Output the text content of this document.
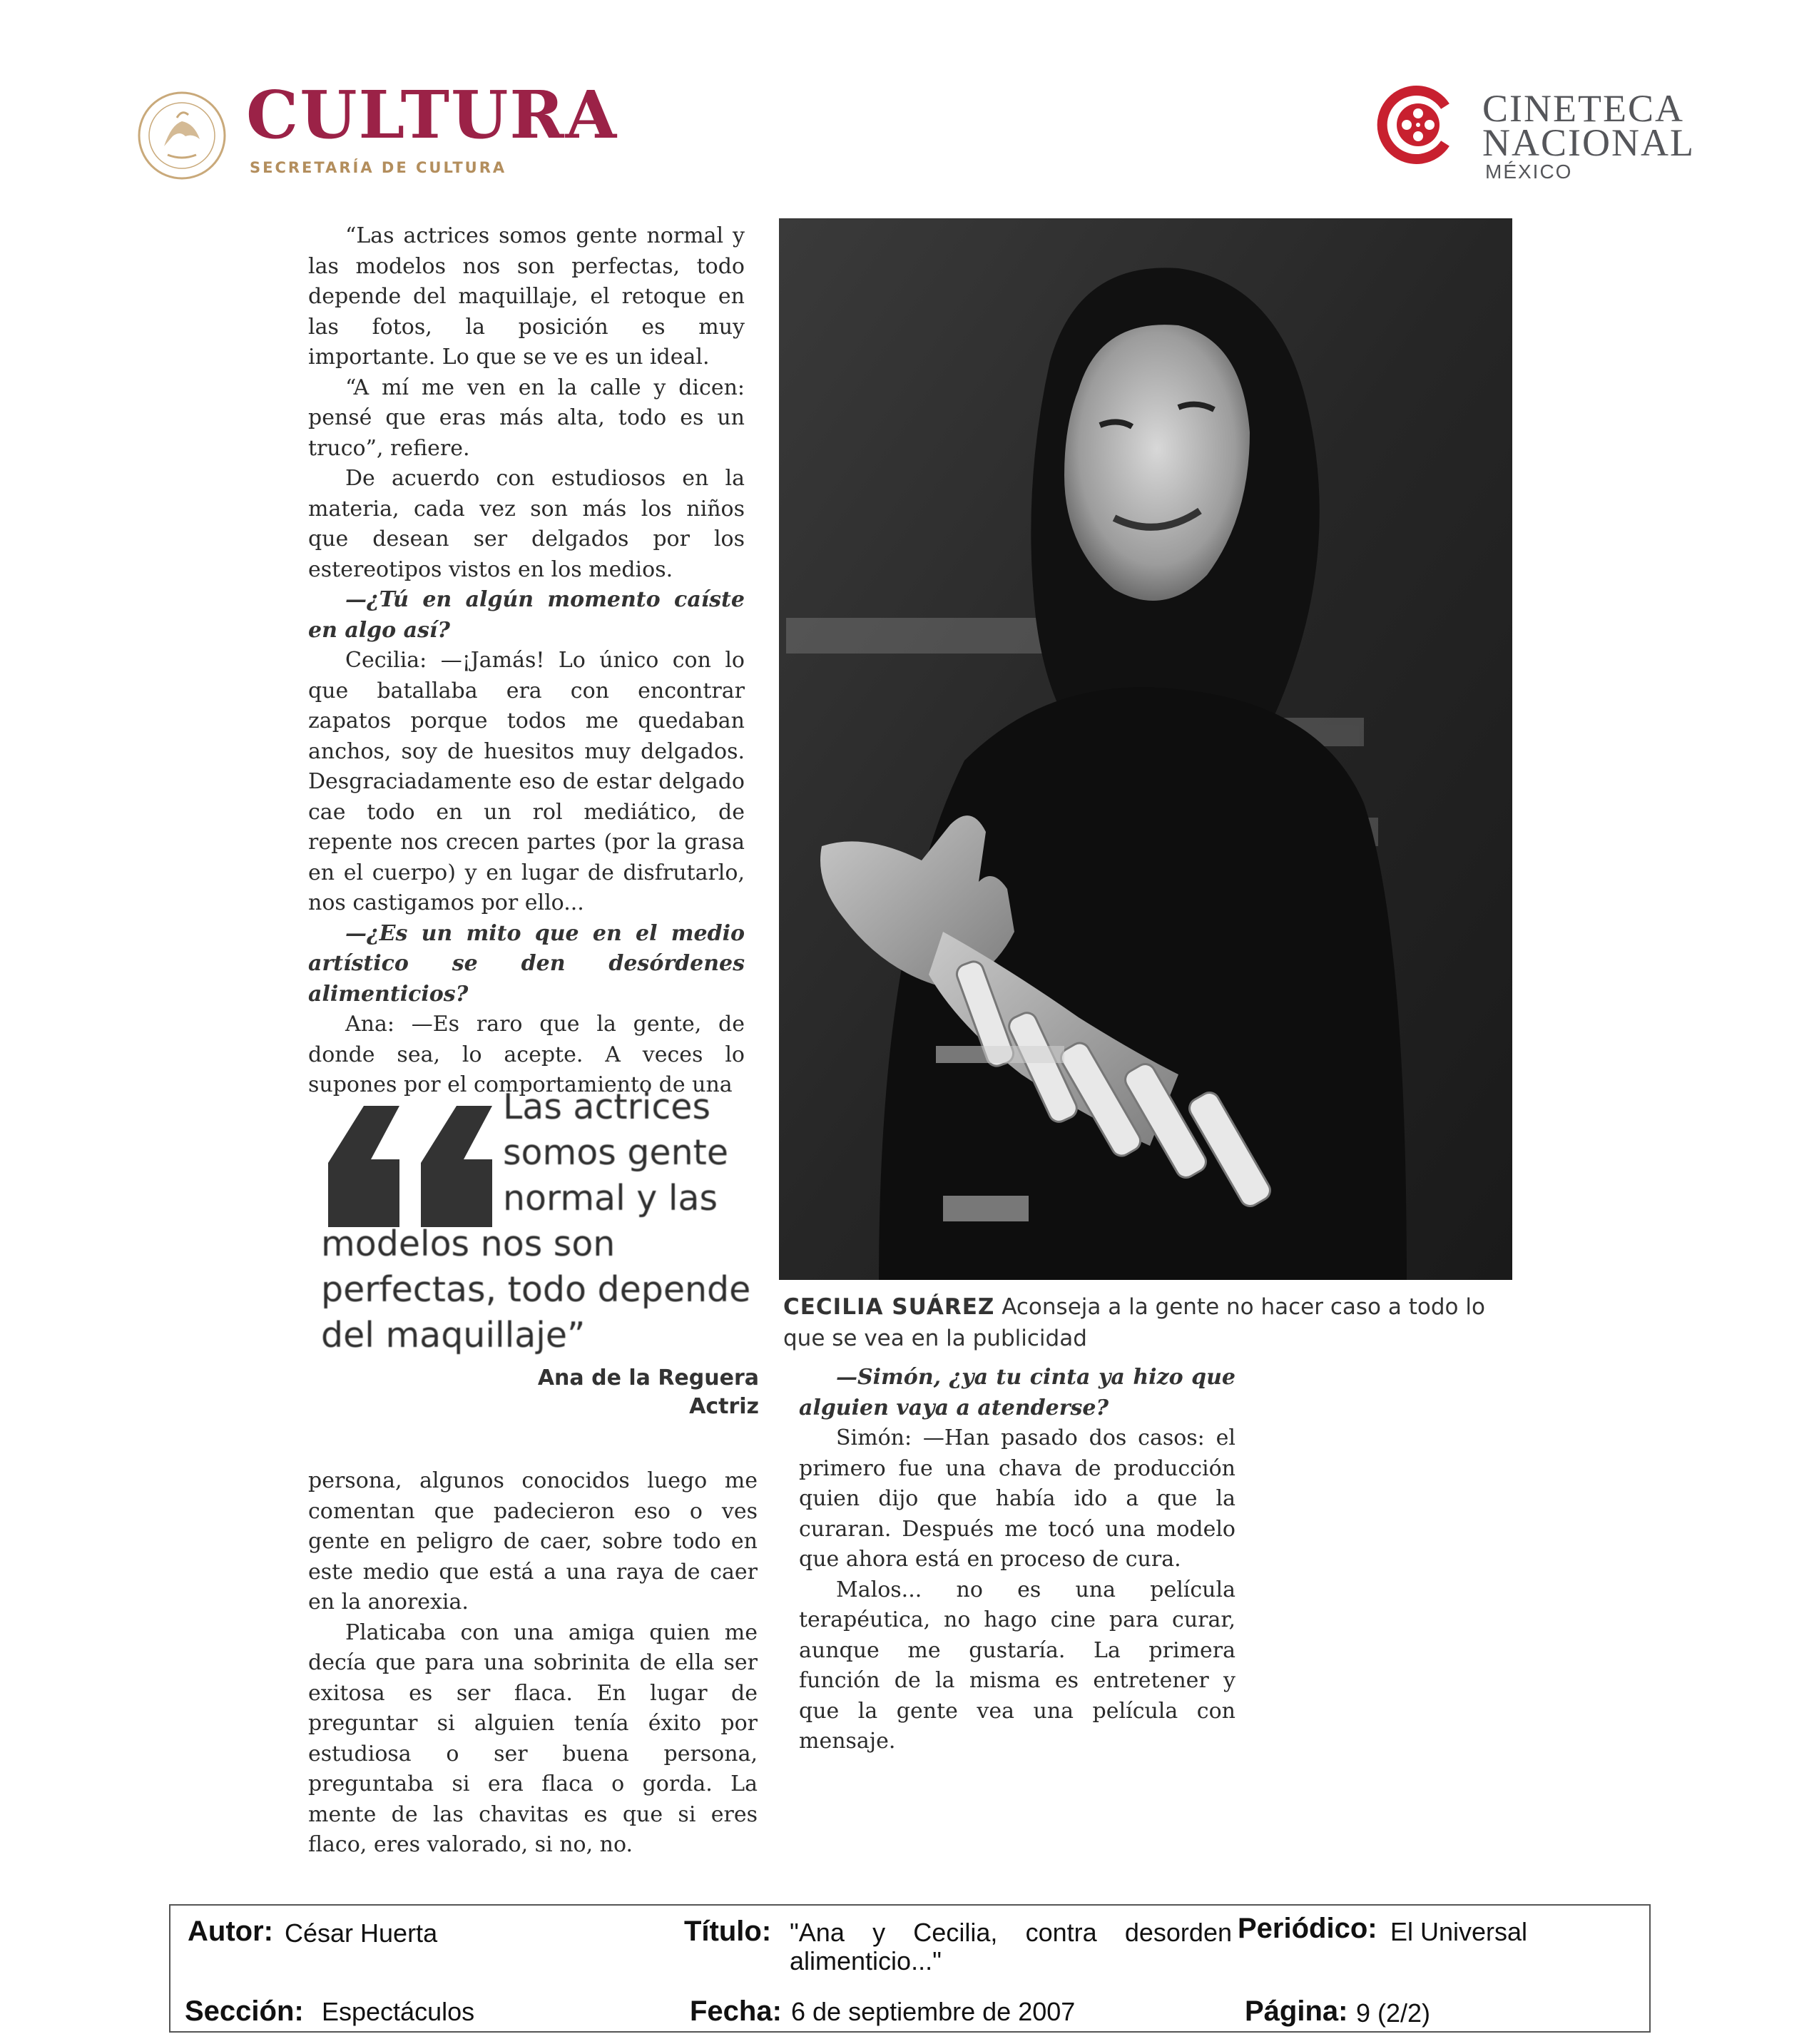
CULTURA
SECRETARÍA DE CULTURA
CINETECA
NACIONAL
MÉXICO

“Las actrices somos gente normal y las modelos nos son perfectas, todo depende del maquillaje, el retoque en las fotos, la posición es muy importante. Lo que se ve es un ideal.

“A mí me ven en la calle y dicen: pensé que eras más alta, todo es un truco”, refiere.

De acuerdo con estudiosos en la materia, cada vez son más los niños que desean ser delgados por los estereotipos vistos en los medios.

—¿Tú en algún momento caíste en algo así?

Cecilia: —¡Jamás! Lo único con lo que batallaba era con encontrar zapatos porque todos me quedaban anchos, soy de huesitos muy delgados. Desgraciadamente eso de estar delgado cae todo en un rol mediático, de repente nos crecen partes (por la grasa en el cuerpo) y en lugar de disfrutarlo, nos castigamos por ello...

—¿Es un mito que en el medio artístico se den desórdenes alimenticios?

Ana: —Es raro que la gente, de donde sea, lo acepte. A veces lo supones por el comportamiento de una

Las actrices
somos gente
normal y las
modelos nos son
perfectas, todo depende
del maquillaje”
Ana de la Reguera
Actriz

persona, algunos conocidos luego me comentan que padecieron eso o ves gente en peligro de caer, sobre todo en este medio que está a una raya de caer en la anorexia.

Platicaba con una amiga quien me decía que para una sobrinita de ella ser exitosa es ser flaca. En lugar de preguntar si alguien tenía éxito por estudiosa o ser buena persona, preguntaba si era flaca o gorda. La mente de las chavitas es que si eres flaco, eres valorado, si no, no.

CECILIA SUÁREZ Aconseja a la gente no hacer caso a todo lo que se vea en la publicidad

—Simón, ¿ya tu cinta ya hizo que alguien vaya a atenderse?

Simón: —Han pasado dos casos: el primero fue una chava de producción quien dijo que había ido a que la curaran. Después me tocó una modelo que ahora está en proceso de cura.

Malos... no es una película terapéutica, no hago cine para curar, aunque me gustaría. La primera función de la misma es entretener y que la gente vea una película con mensaje.

Autor: César Huerta	Título: "Ana y Cecilia, contra desorden
alimenticio..."
Periódico: El Universal
Sección: Espectáculos	Fecha: 6 de septiembre de 2007	Página: 9 (2/2)
